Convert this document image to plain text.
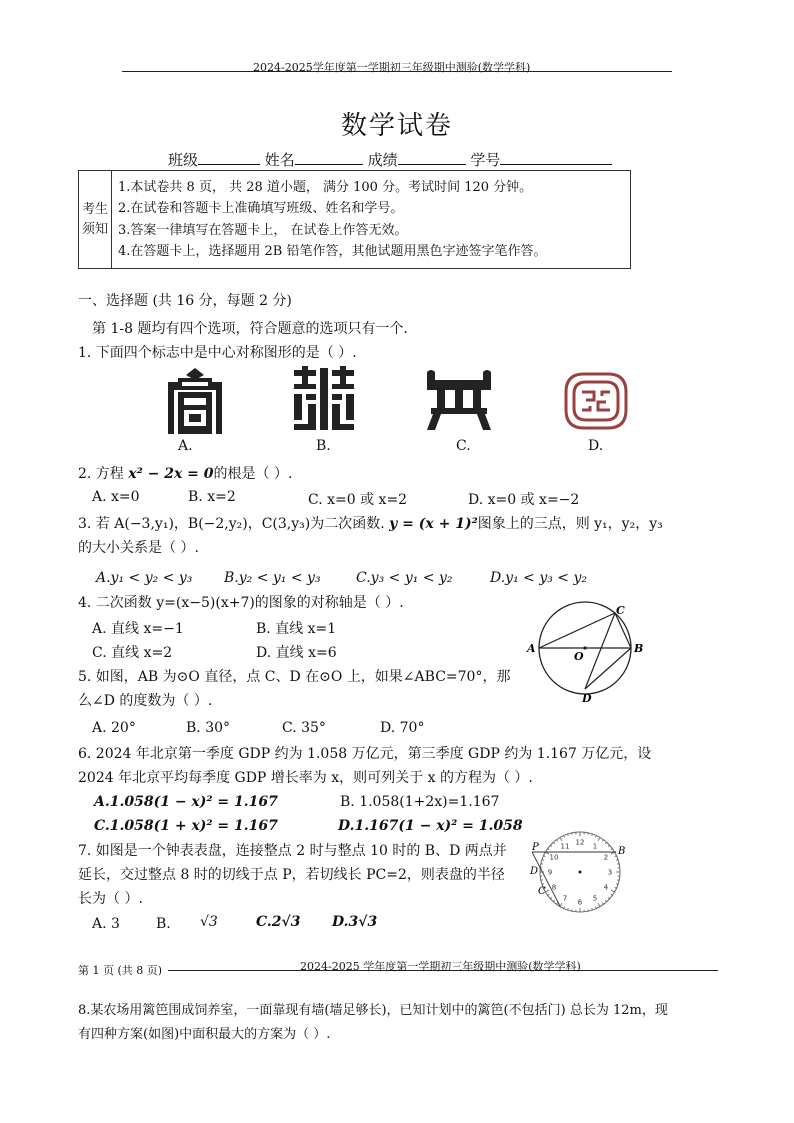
2024-2025学年度第一学期初三年级期中测验(数学学科)
数学试卷
班级	姓名	成绩	学号
考生
须知

1.本试卷共 8 页， 共 28 道小题， 满分 100 分。考试时间 120 分钟。
2.在试卷和答题卡上准确填写班级、姓名和学号。
3.答案一律填写在答题卡上， 在试卷上作答无效。
4.在答题卡上，选择题用 2B 铅笔作答，其他试题用黑色字迹签字笔作答。
一、选择题 (共 16 分，每题 2 分)
第 1-8 题均有四个选项，符合题意的选项只有一个.
1. 下面四个标志中是中心对称图形的是（ ）.
A.	B.	C.	D.
2. 方程 x² − 2x = 0的根是（ ）.
A. x=0	B. x=2	C. x=0 或 x=2	D. x=0 或 x=−2
3. 若 A(−3,y₁)，B(−2,y₂)，C(3,y₃)为二次函数. y = (x + 1)²图象上的三点，则 y₁，y₂，y₃
的大小关系是（ ）.
A.y₁ < y₂ < y₃ B.y₂ < y₁ < y₃	C.y₃ < y₁ < y₂	D.y₁ < y₃ < y₂
4. 二次函数 y=(x−5)(x+7)的图象的对称轴是（ ）.
A. 直线 x=−1	B. 直线 x=1
C. 直线 x=2	D. 直线 x=6	A	B
C
D
O
5. 如图，AB 为⊙O 直径，点 C、D 在⊙O 上，如果∠ABC=70°，那
么∠D 的度数为（ ）.
A. 20°	B. 30°	C. 35°	D. 70°
6. 2024 年北京第一季度 GDP 约为 1.058 万亿元，第三季度 GDP 约为 1.167 万亿元，设
2024 年北京平均每季度 GDP 增长率为 x，则可列关于 x 的方程为（ ）.
A.1.058(1 − x)² = 1.167	B. 1.058(1+2x)=1.167
C.1.058(1 + x)² = 1.167	D.1.167(1 − x)² = 1.058
12 1
2
3
4
5
6
7
8
9
10
11	B
P
D
C
7. 如图是一个钟表表盘，连接整点 2 时与整点 10 时的 B、D 两点并
延长，交过整点 8 时的切线于点 P，若切线长 PC=2，则表盘的半径
长为（ ）.
A. 3	B. √3	C.2√3 D.3√3
第 1 页 (共 8 页)	2024-2025 学年度第一学期初三年级期中测验(数学学科)
8.某农场用篱笆围成饲养室，一面靠现有墙(墙足够长)，已知计划中的篱笆(不包括门) 总长为 12m，现
有四种方案(如图)中面积最大的方案为（ ）.
